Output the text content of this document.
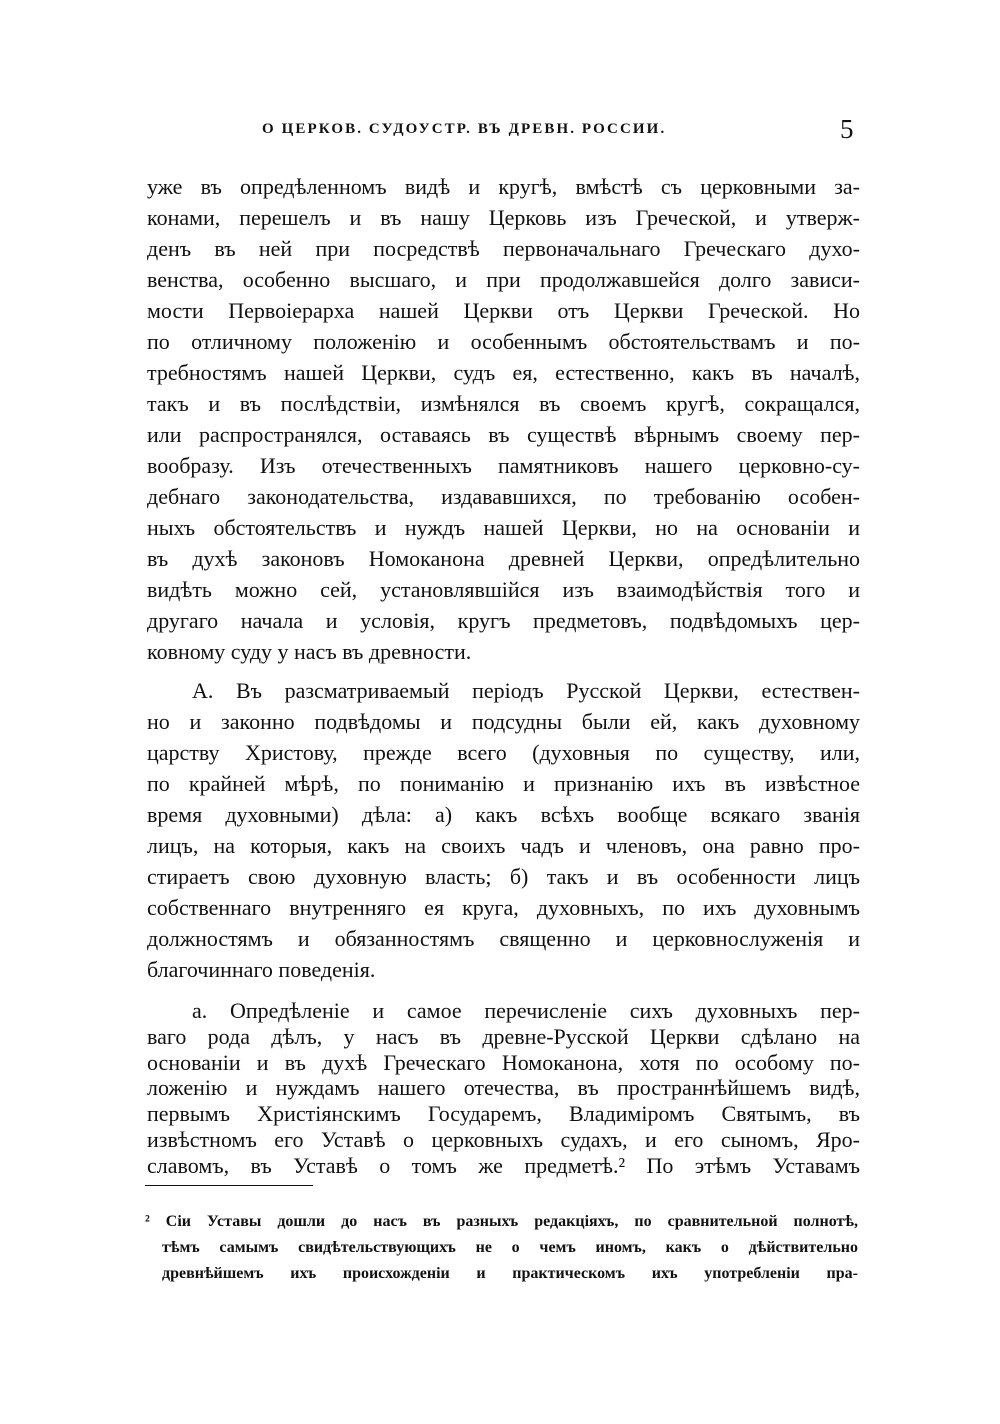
О ЦЕРКОВ. СУДОУСТР. ВЪ ДРЕВН. РОССИИ.	5
уже въ опредѣленномъ видѣ и кругѣ, вмѣстѣ съ церковными за-
конами, перешелъ и въ нашу Церковь изъ Греческой, и утверж-
денъ въ ней при посредствѣ первоначальнаго Греческаго духо-
венства, особенно высшаго, и при продолжавшейся долго зависи-
мости Первоіерарха нашей Церкви отъ Церкви Греческой. Но
по отличному положенію и особеннымъ обстоятельствамъ и по-
требностямъ нашей Церкви, судъ ея, естественно, какъ въ началѣ,
такъ и въ послѣдствіи, измѣнялся въ своемъ кругѣ, сокращался,
или распространялся, оставаясь въ существѣ вѣрнымъ своему пер-
вообразу. Изъ отечественныхъ памятниковъ нашего церковно-су-
дебнаго законодательства, издававшихся, по требованію особен-
ныхъ обстоятельствъ и нуждъ нашей Церкви, но на основаніи и
въ духѣ законовъ Номоканона древней Церкви, опредѣлительно
видѣть можно сей, установлявшійся изъ взаимодѣйствія того и
другаго начала и условія, кругъ предметовъ, подвѣдомыхъ цер-
ковному суду у насъ въ древности.
А. Въ разсматриваемый періодъ Русской Церкви, естествен-
но и законно подвѣдомы и подсудны были ей, какъ духовному
царству Христову, прежде всего (духовныя по существу, или,
по крайней мѣрѣ, по пониманію и признанію ихъ въ извѣстное
время духовными) дѣла: а) какъ всѣхъ вообще всякаго званія
лицъ, на которыя, какъ на своихъ чадъ и членовъ, она равно про-
стираетъ свою духовную власть; б) такъ и въ особенности лицъ
собственнаго внутренняго ея круга, духовныхъ, по ихъ духовнымъ
должностямъ и обязанностямъ священно и церковнослуженія и
благочиннаго поведенія.
а. Опредѣленіе и самое перечисленіе сихъ духовныхъ пер-
ваго рода дѣлъ, у насъ въ древне-Русской Церкви сдѣлано на
основаніи и въ духѣ Греческаго Номоканона, хотя по особому по-
ложенію и нуждамъ нашего отечества, въ пространнѣйшемъ видѣ,
первымъ Христіянскимъ Государемъ, Владиміромъ Святымъ, въ
извѣстномъ его Уставѣ о церковныхъ судахъ, и его сыномъ, Яро-
славомъ, въ Уставѣ о томъ же предметѣ.² По этѣмъ Уставамъ
² Сіи Уставы дошли до насъ въ разныхъ редакціяхъ, по сравнительной полнотѣ,
тѣмъ самымъ свидѣтельствующихъ не о чемъ иномъ, какъ о дѣйствительно
древнѣйшемъ ихъ происхожденіи и практическомъ ихъ употребленіи пра-
